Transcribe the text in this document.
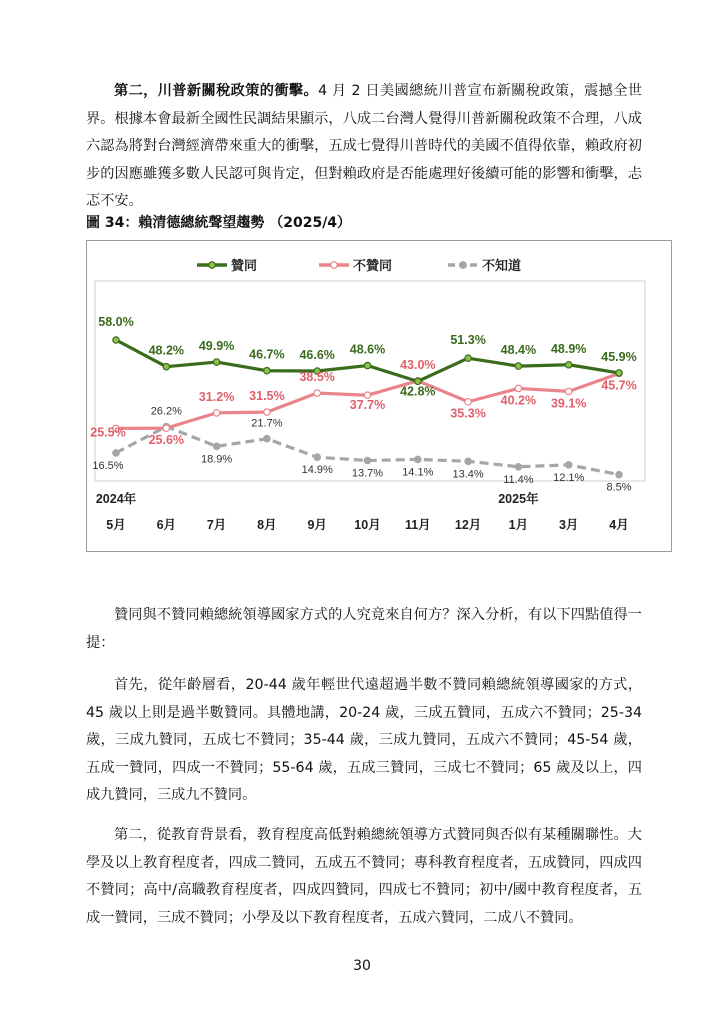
第二，川普新關稅政策的衝擊。4 月 2 日美國總統川普宣布新關稅政策，震撼全世界。根據本會最新全國性民調結果顯示，八成二台灣人覺得川普新關稅政策不合理，八成六認為將對台灣經濟帶來重大的衝擊，五成七覺得川普時代的美國不值得依靠，賴政府初步的因應雖獲多數人民認可與肯定，但對賴政府是否能處理好後續可能的影響和衝擊，忐忑不安。

圖 34：賴清德總統聲望趨勢 （2025/4）
贊同	不贊同	不知道
58.0%
48.2% 49.9%
46.7% 46.6% 48.6%
42.8%
51.3%
48.4% 48.9%
45.9%
25.5%
25.6%
31.2% 31.5%
38.5%
37.7%
43.0%
35.3%
40.2% 39.1%
45.7%
16.5%
26.2%
18.9%
21.7%
14.9% 13.7% 14.1% 13.4% 11.4% 12.1%
8.5%
5月 6月 7月 8月 9月 10月 11月 12月 1月 3月 4月
2024年	2025年

贊同與不贊同賴總統領導國家方式的人究竟來自何方？深入分析，有以下四點值得一提：

首先，從年齡層看，20-44 歲年輕世代遠超過半數不贊同賴總統領導國家的方式，45 歲以上則是過半數贊同。具體地講，20-24 歲，三成五贊同，五成六不贊同；25-34 歲，三成九贊同，五成七不贊同；35-44 歲，三成九贊同，五成六不贊同；45-54 歲，五成一贊同，四成一不贊同；55-64 歲，五成三贊同，三成七不贊同；65 歲及以上，四成九贊同，三成九不贊同。

第二，從教育背景看，教育程度高低對賴總統領導方式贊同與否似有某種關聯性。大學及以上教育程度者，四成二贊同，五成五不贊同；專科教育程度者，五成贊同，四成四不贊同；高中/高職教育程度者，四成四贊同，四成七不贊同；初中/國中教育程度者，五成一贊同，三成不贊同；小學及以下教育程度者，五成六贊同，二成八不贊同。

30
